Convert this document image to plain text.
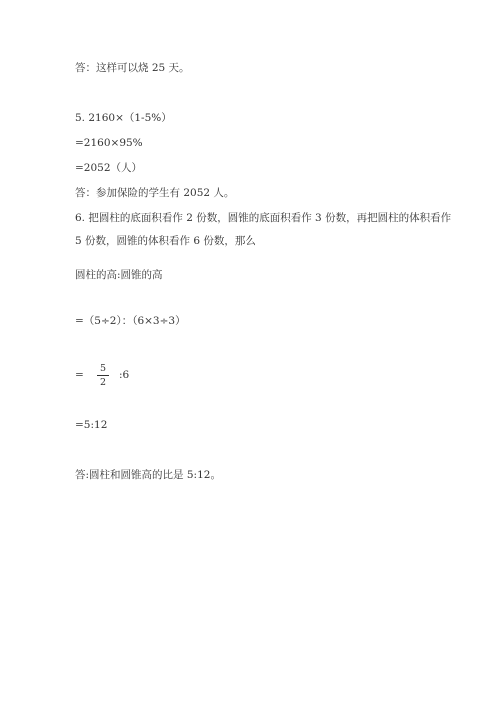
答：这样可以烧 25 天。
5. 2160×（1-5%）
=2160×95%
=2052（人）
答：参加保险的学生有 2052 人。
6. 把圆柱的底面积看作 2 份数，圆锥的底面积看作 3 份数，再把圆柱的体积看作
5 份数，圆锥的体积看作 6 份数，那么
圆柱的高:圆锥的高
=（5÷2）：（6×3÷3）
=
5
2
:6
=5:12
答:圆柱和圆锥高的比是 5:12。
